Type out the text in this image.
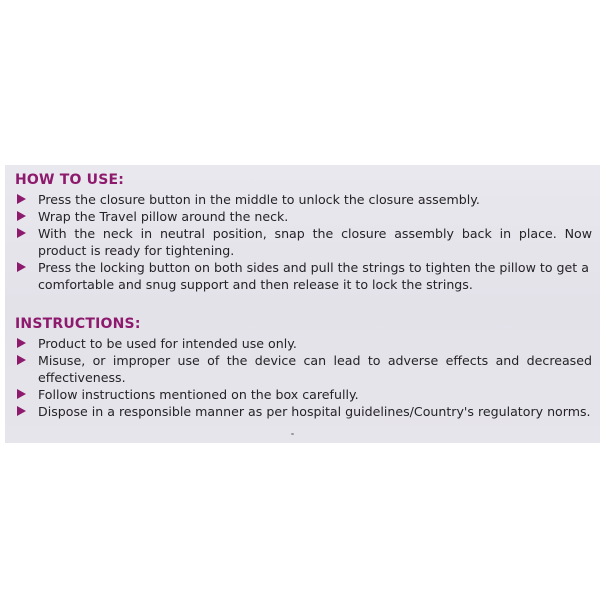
HOW TO USE:
Press the closure button in the middle to unlock the closure assembly.
Wrap the Travel pillow around the neck.
With the neck in neutral position, snap the closure assembly back in place. Now product is ready for tightening.
Press the locking button on both sides and pull the strings to tighten the pillow to get a comfortable and snug support and then release it to lock the strings.
INSTRUCTIONS:
Product to be used for intended use only.
Misuse, or improper use of the device can lead to adverse effects and decreased effectiveness.
Follow instructions mentioned on the box carefully.
Dispose in a responsible manner as per hospital guidelines/Country's regulatory norms.
